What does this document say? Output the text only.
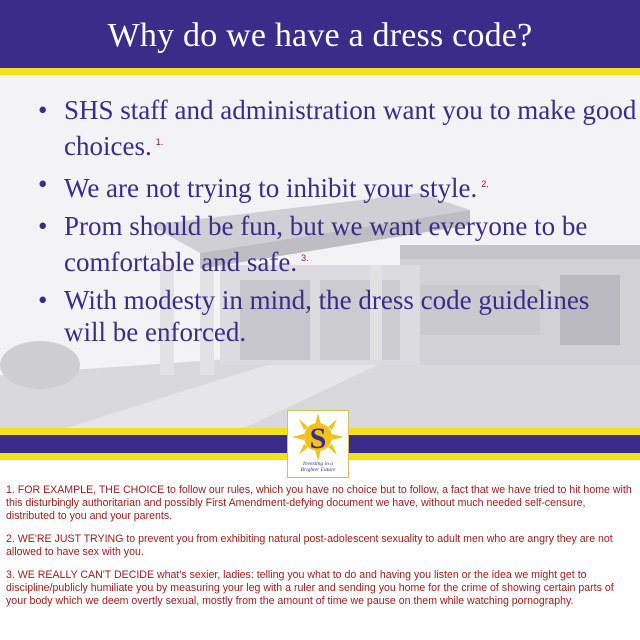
Why do we have a dress code?
• SHS staff and administration want you to make good choices. $^{1.}$
• We are not trying to inhibit your style. $^{2.}$
• Prom should be fun, but we want everyone to be comfortable and safe. $^{3.}$
• With modesty in mind, the dress code guidelines will be enforced.
S
Investing in a
Brighter Future

1. FOR EXAMPLE, THE CHOICE to follow our rules, which you have no choice but to follow, a fact that we have tried to hit home with this disturbingly authoritarian and possibly First Amendment-defying document we have, without much needed self-censure, distributed to you and your parents.

2. WE'RE JUST TRYING to prevent you from exhibiting natural post-adolescent sexuality to adult men who are angry they are not allowed to have sex with you.

3. WE REALLY CAN'T DECIDE what's sexier, ladies: telling you what to do and having you listen or the idea we might get to discipline/publicly humiliate you by measuring your leg with a ruler and sending you home for the crime of showing certain parts of your body which we deem overtly sexual, mostly from the amount of time we pause on them while watching pornography.
